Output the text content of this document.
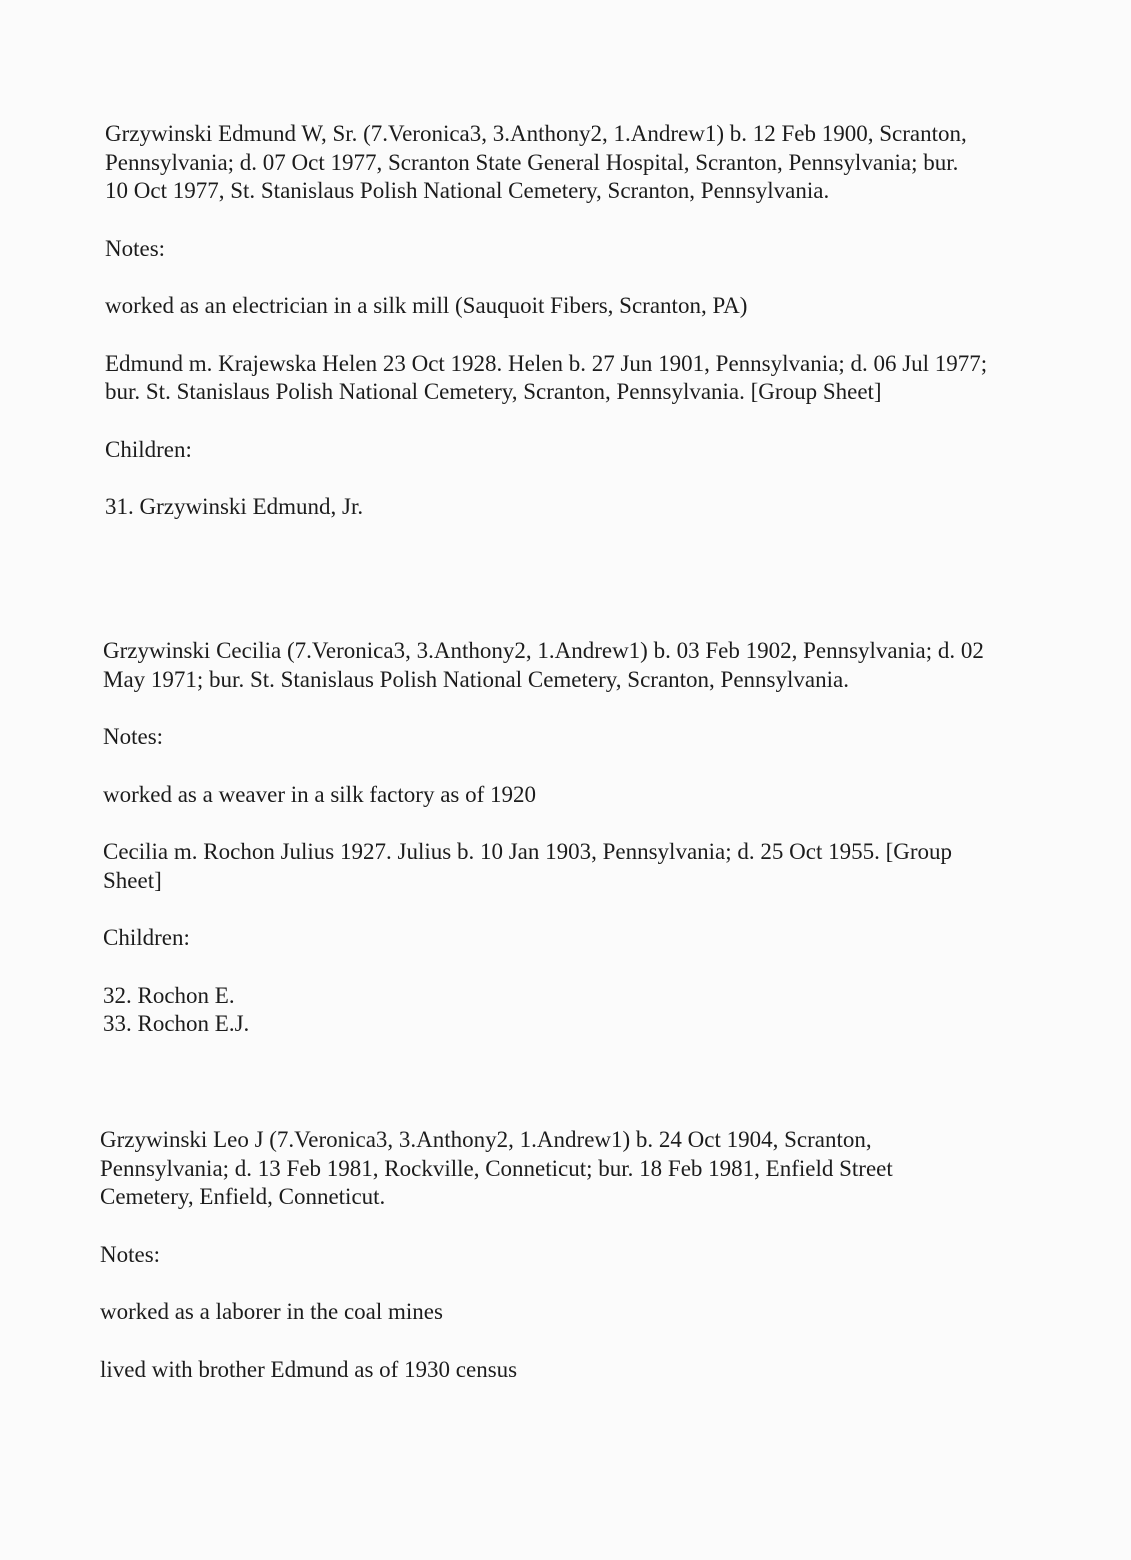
Grzywinski Edmund W, Sr. (7.Veronica3, 3.Anthony2, 1.Andrew1) b. 12 Feb 1900, Scranton, Pennsylvania; d. 07 Oct 1977, Scranton State General Hospital, Scranton, Pennsylvania; bur. 10 Oct 1977, St. Stanislaus Polish National Cemetery, Scranton, Pennsylvania.

Notes:

worked as an electrician in a silk mill (Sauquoit Fibers, Scranton, PA)

Edmund m. Krajewska Helen 23 Oct 1928. Helen b. 27 Jun 1901, Pennsylvania; d. 06 Jul 1977; bur. St. Stanislaus Polish National Cemetery, Scranton, Pennsylvania. [Group Sheet]

Children:

31. Grzywinski Edmund, Jr.

Grzywinski Cecilia (7.Veronica3, 3.Anthony2, 1.Andrew1) b. 03 Feb 1902, Pennsylvania; d. 02 May 1971; bur. St. Stanislaus Polish National Cemetery, Scranton, Pennsylvania.

Notes:

worked as a weaver in a silk factory as of 1920

Cecilia m. Rochon Julius 1927. Julius b. 10 Jan 1903, Pennsylvania; d. 25 Oct 1955. [Group Sheet]

Children:

32. Rochon E.

33. Rochon E.J.

Grzywinski Leo J (7.Veronica3, 3.Anthony2, 1.Andrew1) b. 24 Oct 1904, Scranton, Pennsylvania; d. 13 Feb 1981, Rockville, Conneticut; bur. 18 Feb 1981, Enfield Street Cemetery, Enfield, Conneticut.

Notes:

worked as a laborer in the coal mines

lived with brother Edmund as of 1930 census
